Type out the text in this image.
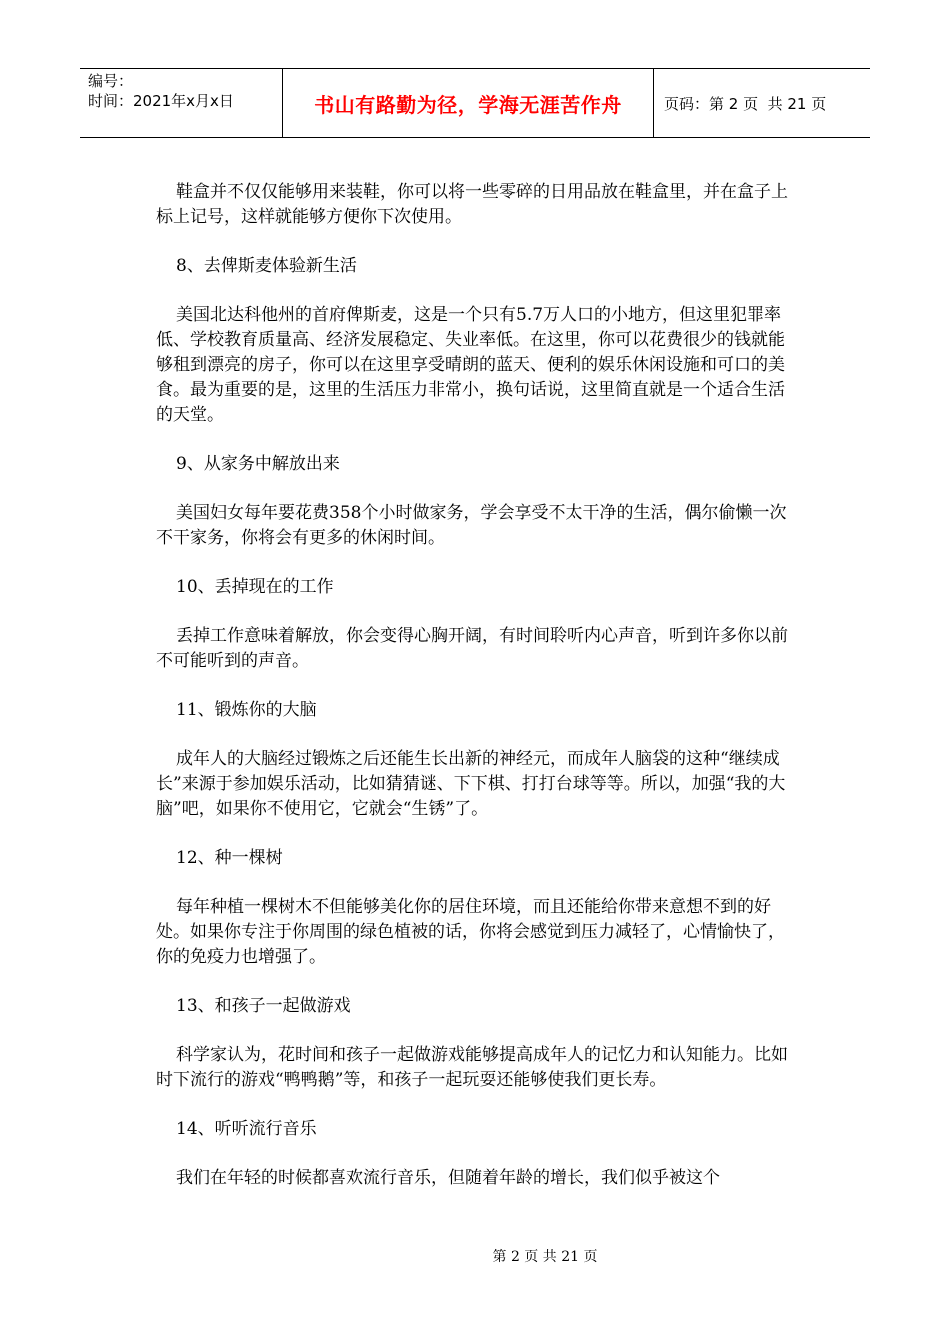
编号：
时间：2021年x月x日	书山有路勤为径，学海无涯苦作舟	页码：第 2 页  共 21 页

鞋盒并不仅仅能够用来装鞋，你可以将一些零碎的日用品放在鞋盒里，并在盒子上标上记号，这样就能够方便你下次使用。

8、去俾斯麦体验新生活

美国北达科他州的首府俾斯麦，这是一个只有5.7万人口的小地方，但这里犯罪率低、学校教育质量高、经济发展稳定、失业率低。在这里，你可以花费很少的钱就能够租到漂亮的房子，你可以在这里享受晴朗的蓝天、便利的娱乐休闲设施和可口的美食。最为重要的是，这里的生活压力非常小，换句话说，这里简直就是一个适合生活的天堂。

9、从家务中解放出来

美国妇女每年要花费358个小时做家务，学会享受不太干净的生活，偶尔偷懒一次不干家务，你将会有更多的休闲时间。

10、丢掉现在的工作

丢掉工作意味着解放，你会变得心胸开阔，有时间聆听内心声音，听到许多你以前不可能听到的声音。

11、锻炼你的大脑

成年人的大脑经过锻炼之后还能生长出新的神经元，而成年人脑袋的这种“继续成长”来源于参加娱乐活动，比如猜猜谜、下下棋、打打台球等等。所以，加强“我的大脑”吧，如果你不使用它，它就会“生锈”了。

12、种一棵树

每年种植一棵树木不但能够美化你的居住环境，而且还能给你带来意想不到的好处。如果你专注于你周围的绿色植被的话，你将会感觉到压力减轻了，心情愉快了，你的免疫力也增强了。

13、和孩子一起做游戏

科学家认为，花时间和孩子一起做游戏能够提高成年人的记忆力和认知能力。比如时下流行的游戏“鸭鸭鹅”等，和孩子一起玩耍还能够使我们更长寿。

14、听听流行音乐

我们在年轻的时候都喜欢流行音乐，但随着年龄的增长，我们似乎被这个

第 2 页 共 21 页
